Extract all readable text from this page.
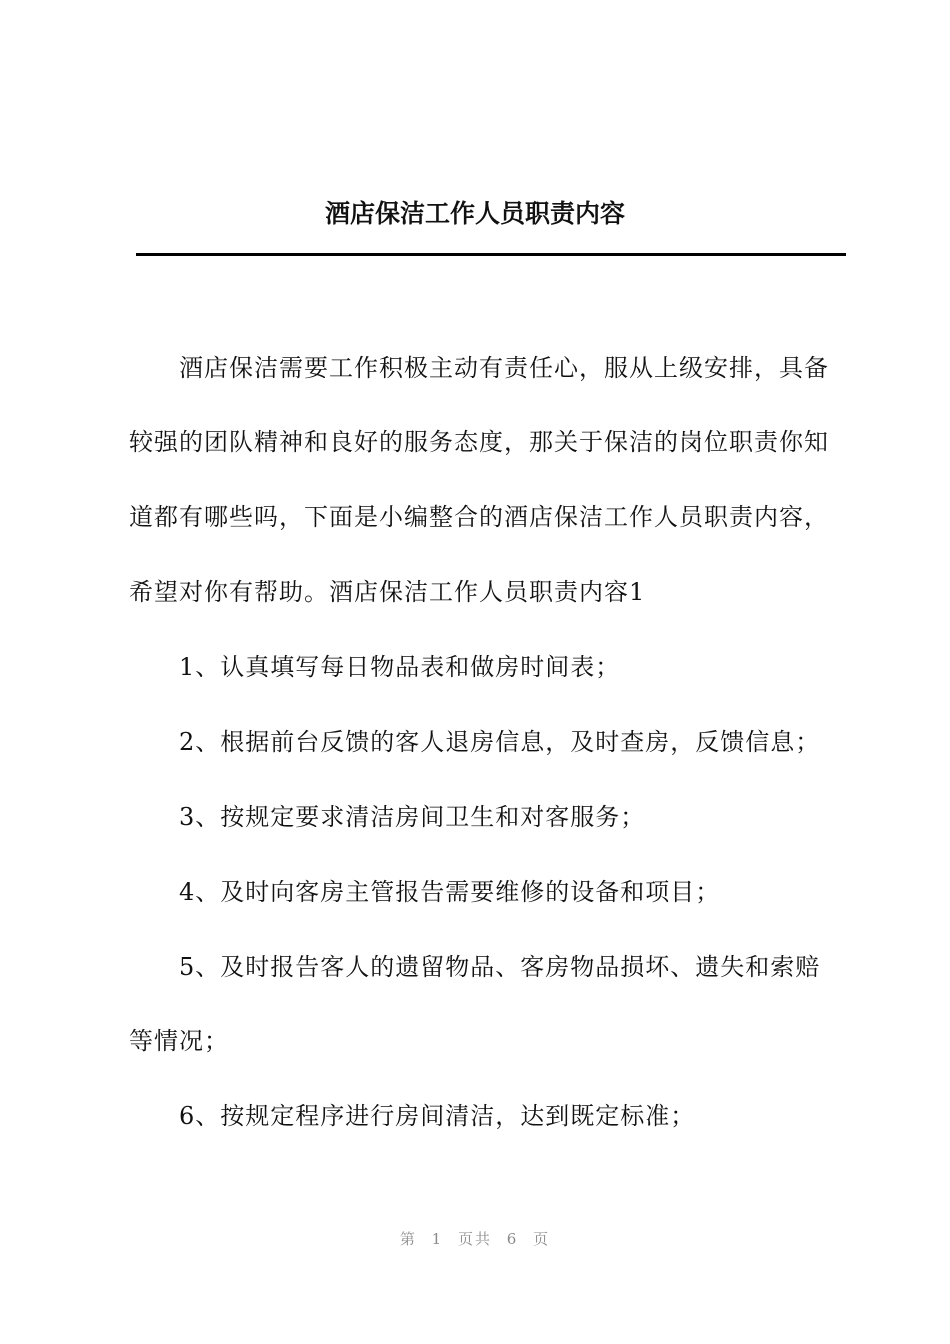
酒店保洁工作人员职责内容
酒店保洁需要工作积极主动有责任心，服从上级安排，具备
较强的团队精神和良好的服务态度，那关于保洁的岗位职责你知
道都有哪些吗，下面是小编整合的酒店保洁工作人员职责内容，
希望对你有帮助。酒店保洁工作人员职责内容1
1、认真填写每日物品表和做房时间表；
2、根据前台反馈的客人退房信息，及时查房，反馈信息；
3、按规定要求清洁房间卫生和对客服务；
4、及时向客房主管报告需要维修的设备和项目；
5、及时报告客人的遗留物品、客房物品损坏、遗失和索赔
等情况；
6、按规定程序进行房间清洁，达到既定标准；
第 1 页共 6 页
